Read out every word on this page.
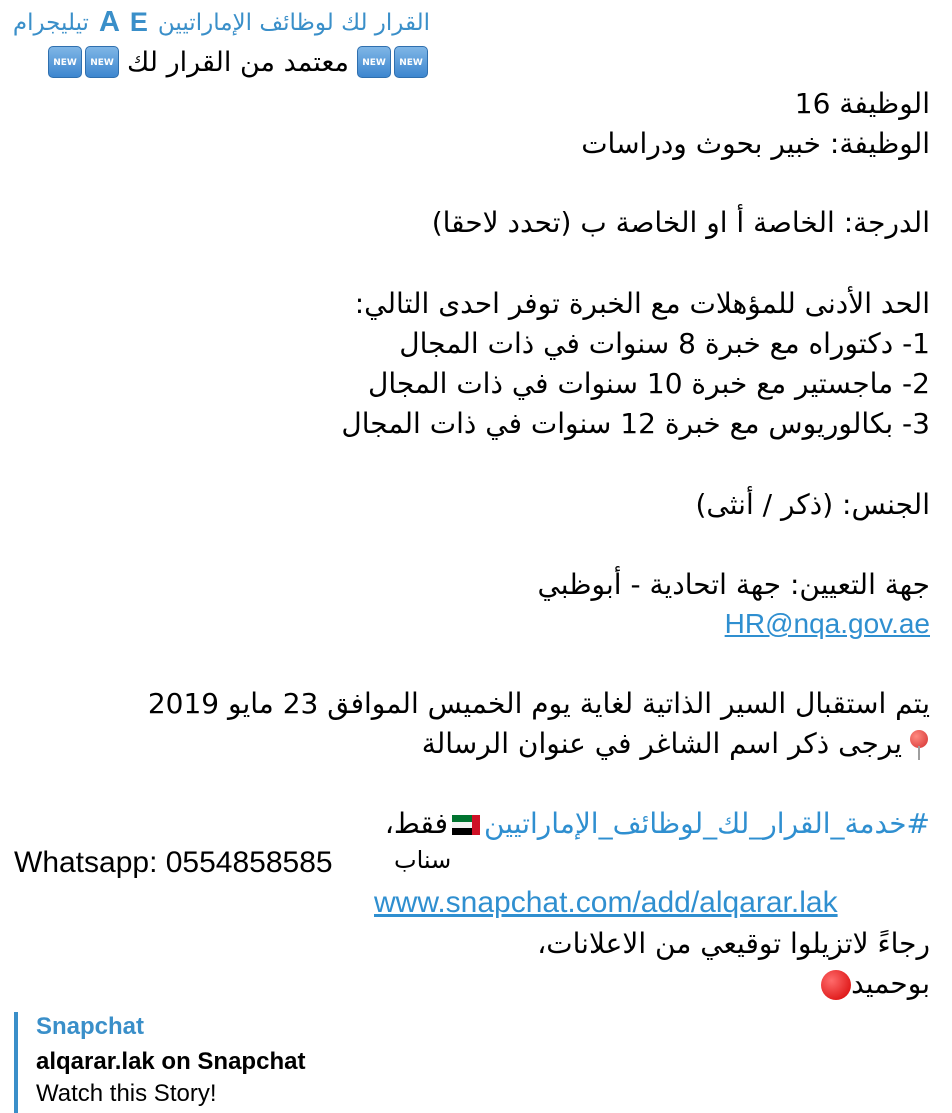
القرار لك لوظائف الإماراتيين
E
A
تيليجرام
NEW
NEW
معتمد من القرار لك
NEW
NEW
الوظيفة 16
الوظيفة: خبير بحوث ودراسات
الدرجة: الخاصة أ او الخاصة ب (تحدد لاحقا)
الحد الأدنى للمؤهلات مع الخبرة توفر احدى التالي:
1- دكتوراه مع خبرة 8 سنوات في ذات المجال
2- ماجستير مع خبرة 10 سنوات في ذات المجال
3- بكالوريوس مع خبرة 12 سنوات في ذات المجال
الجنس: (ذكر / أنثى)
جهة التعيين: جهة اتحادية - أبوظبي
HR@nqa.gov.ae
يتم استقبال السير الذاتية لغاية يوم الخميس الموافق 23 مايو 2019
يرجى ذكر اسم الشاغر في عنوان الرسالة
#خدمة_القرار_لك_لوظائف_الإماراتيين
فقط،
Whatsapp: 0554858585	سناب
www.snapchat.com/add/alqarar.lak
رجاءً لاتزيلوا توقيعي من الاعلانات،
بوحميد
Snapchat
alqarar.lak on Snapchat
Watch this Story!
